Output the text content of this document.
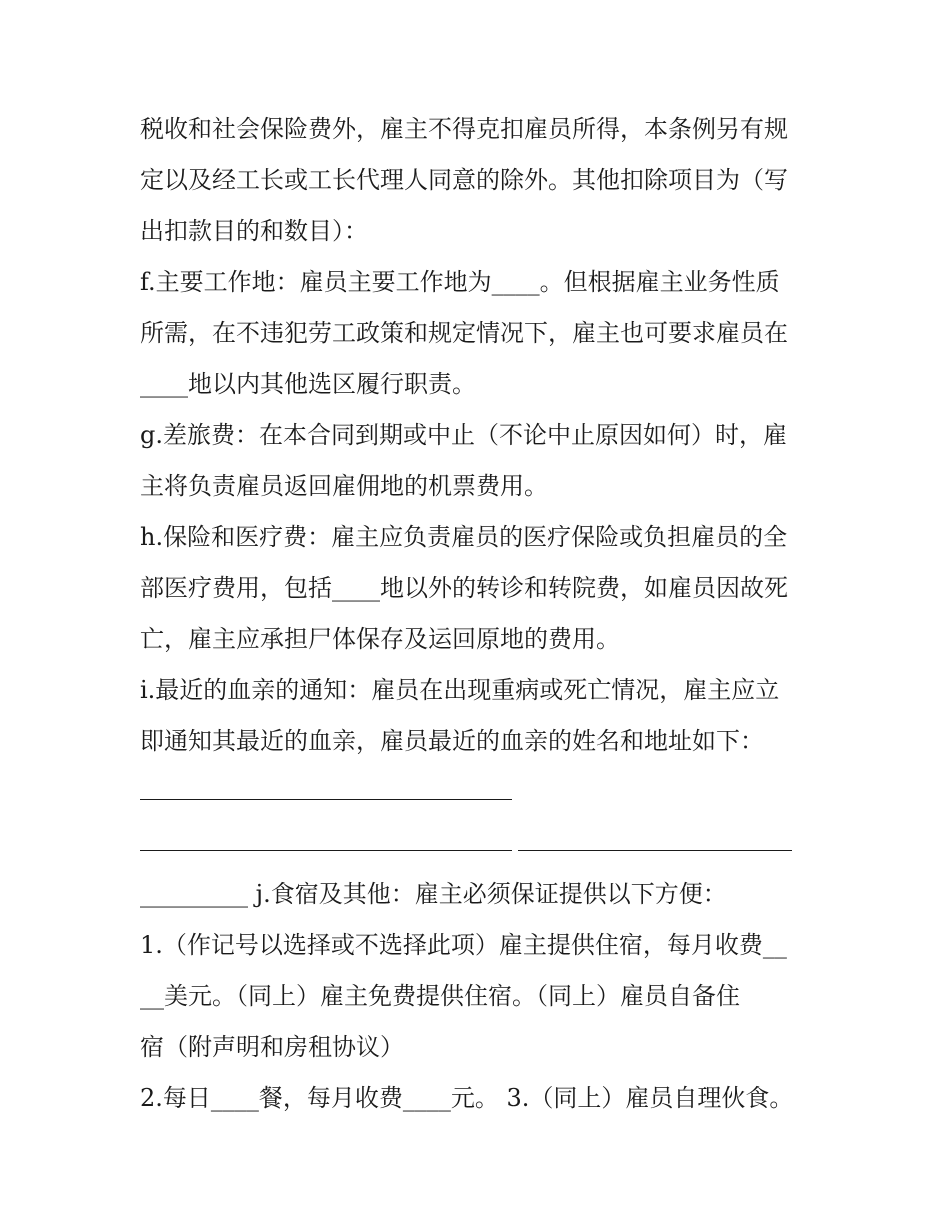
税收和社会保险费外，雇主不得克扣雇员所得，本条例另有规
定以及经工长或工长代理人同意的除外。其他扣除项目为（写
出扣款目的和数目）：
f.主要工作地：雇员主要工作地为____。但根据雇主业务性质
所需，在不违犯劳工政策和规定情况下，雇主也可要求雇员在
____地以内其他选区履行职责。
g.差旅费：在本合同到期或中止（不论中止原因如何）时，雇
主将负责雇员返回雇佣地的机票费用。
h.保险和医疗费：雇主应负责雇员的医疗保险或负担雇员的全
部医疗费用，包括____地以外的转诊和转院费，如雇员因故死
亡，雇主应承担尸体保存及运回原地的费用。
i.最近的血亲的通知：雇员在出现重病或死亡情况，雇主应立
即通知其最近的血亲，雇员最近的血亲的姓名和地址如下：
_________ j.食宿及其他：雇主必须保证提供以下方便：
1.（作记号以选择或不选择此项）雇主提供住宿，每月收费__
__美元。（同上）雇主免费提供住宿。（同上）雇员自备住
宿（附声明和房租协议）
2.每日____餐，每月收费____元。 3.（同上）雇员自理伙食。
